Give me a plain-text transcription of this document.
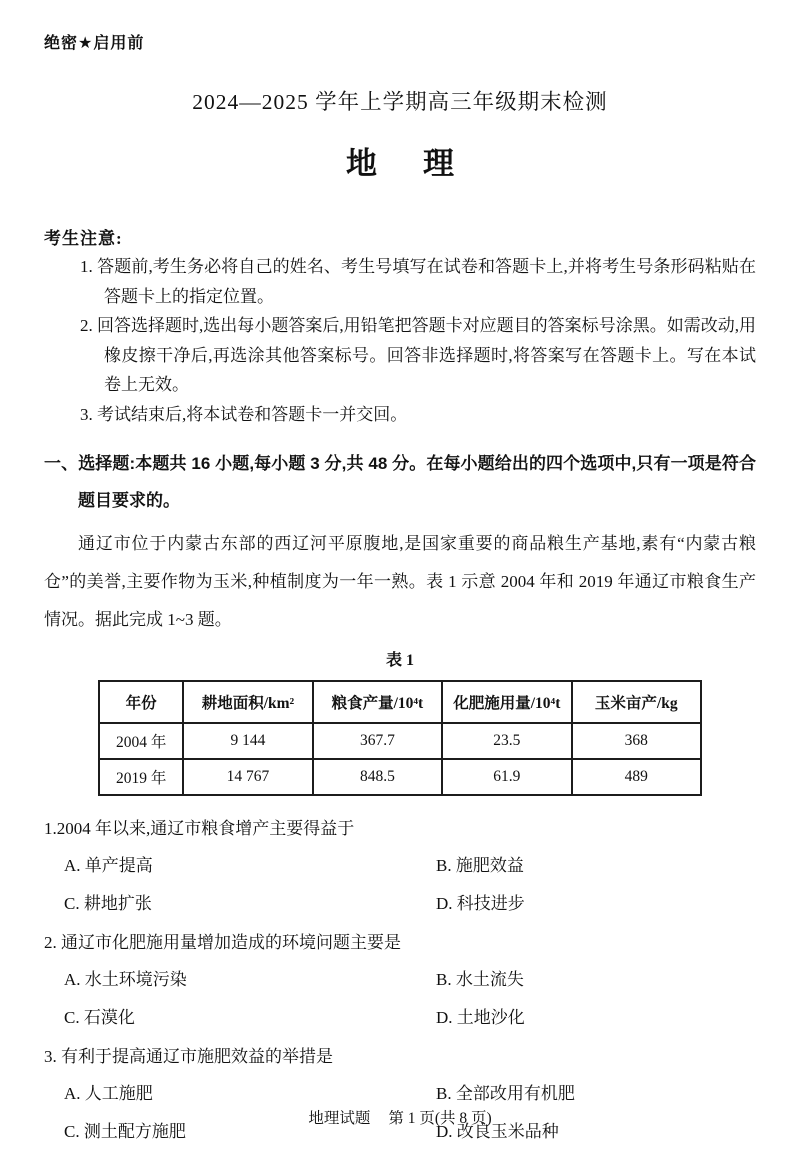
绝密★启用前
2024—2025 学年上学期高三年级期末检测
地理
考生注意:
1. 答题前,考生务必将自己的姓名、考生号填写在试卷和答题卡上,并将考生号条形码粘贴在答题卡上的指定位置。
2. 回答选择题时,选出每小题答案后,用铅笔把答题卡对应题目的答案标号涂黑。如需改动,用橡皮擦干净后,再选涂其他答案标号。回答非选择题时,将答案写在答题卡上。写在本试卷上无效。
3. 考试结束后,将本试卷和答题卡一并交回。
一、选择题:本题共 16 小题,每小题 3 分,共 48 分。在每小题给出的四个选项中,只有一项是符合题目要求的。

通辽市位于内蒙古东部的西辽河平原腹地,是国家重要的商品粮生产基地,素有“内蒙古粮仓”的美誉,主要作物为玉米,种植制度为一年一熟。表 1 示意 2004 年和 2019 年通辽市粮食生产情况。据此完成 1~3 题。

表 1
年份	耕地面积/km²	粮食产量/10⁴t	化肥施用量/10⁴t	玉米亩产/kg
2004 年	9 144	367.7	23.5	368
2019 年	14 767	848.5	61.9	489
1.2004 年以来,通辽市粮食增产主要得益于
A. 单产提高	B. 施肥效益
C. 耕地扩张	D. 科技进步
2. 通辽市化肥施用量增加造成的环境问题主要是
A. 水土环境污染	B. 水土流失
C. 石漠化	D. 土地沙化
3. 有利于提高通辽市施肥效益的举措是
A. 人工施肥	B. 全部改用有机肥
C. 测土配方施肥	D. 改良玉米品种
地理试题 第 1 页(共 8 页)
